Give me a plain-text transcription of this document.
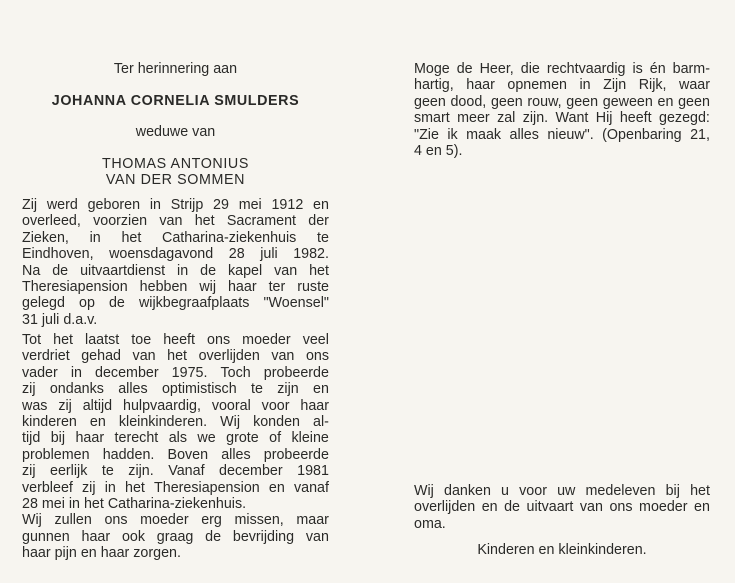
Ter herinnering aan
JOHANNA CORNELIA SMULDERS
weduwe van
THOMAS ANTONIUS
VAN DER SOMMEN
Zij werd geboren in Strijp 29 mei 1912 en
overleed, voorzien van het Sacrament der
Zieken, in het Catharina-ziekenhuis te
Eindhoven, woensdagavond 28 juli 1982.
Na de uitvaartdienst in de kapel van het
Theresiapension hebben wij haar ter ruste
gelegd op de wijkbegraafplaats "Woensel"
31 juli d.a.v.
Tot het laatst toe heeft ons moeder veel
verdriet gehad van het overlijden van ons
vader in december 1975. Toch probeerde
zij ondanks alles optimistisch te zijn en
was zij altijd hulpvaardig, vooral voor haar
kinderen en kleinkinderen. Wij konden al-
tijd bij haar terecht als we grote of kleine
problemen hadden. Boven alles probeerde
zij eerlijk te zijn. Vanaf december 1981
verbleef zij in het Theresiapension en vanaf
28 mei in het Catharina-ziekenhuis.
Wij zullen ons moeder erg missen, maar
gunnen haar ook graag de bevrijding van
haar pijn en haar zorgen.
Moge de Heer, die rechtvaardig is én barm-
hartig, haar opnemen in Zijn Rijk, waar
geen dood, geen rouw, geen geween en geen
smart meer zal zijn. Want Hij heeft gezegd:
"Zie ik maak alles nieuw". (Openbaring 21,
4 en 5).
Wij danken u voor uw medeleven bij het
overlijden en de uitvaart van ons moeder en
oma.
Kinderen en kleinkinderen.
